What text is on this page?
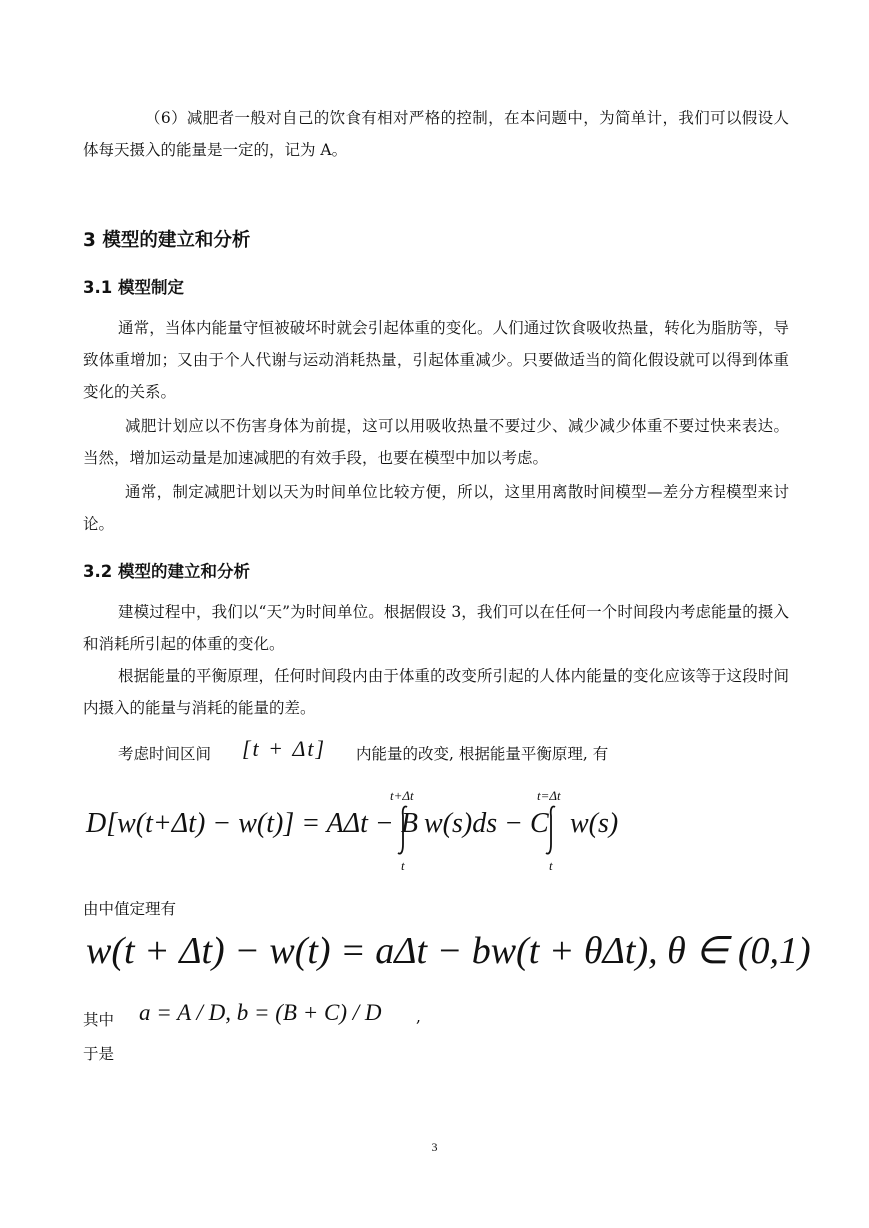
（6）减肥者一般对自己的饮食有相对严格的控制，在本问题中，为简单计，我们可以假设人体每天摄入的能量是一定的，记为 A。

3 模型的建立和分析
3.1 模型制定

通常，当体内能量守恒被破坏时就会引起体重的变化。人们通过饮食吸收热量，转化为脂肪等，导致体重增加；又由于个人代谢与运动消耗热量，引起体重减少。只要做适当的简化假设就可以得到体重变化的关系。

减肥计划应以不伤害身体为前提，这可以用吸收热量不要过少、减少减少体重不要过快来表达。当然，增加运动量是加速减肥的有效手段，也要在模型中加以考虑。

通常，制定减肥计划以天为时间单位比较方便，所以，这里用离散时间模型—差分方程模型来讨论。

3.2 模型的建立和分析

建模过程中，我们以“天”为时间单位。根据假设 3，我们可以在任何一个时间段内考虑能量的摄入和消耗所引起的体重的变化。

根据能量的平衡原理，任何时间段内由于体重的改变所引起的人体内能量的变化应该等于这段时间内摄入的能量与消耗的能量的差。

考虑时间区间 [t + Δt] 内能量的改变, 根据能量平衡原理, 有
D[w(t+Δt) − w(t)] = AΔt − B
t+Δt
t
w(s)ds − C
t=Δt
t
w(s)

由中值定理有

w(t + Δt) − w(t) = aΔt − bw(t + θΔt), θ ∈ (0,1)
其中 a = A / D, b = (B + C) / D ,

于是

3
